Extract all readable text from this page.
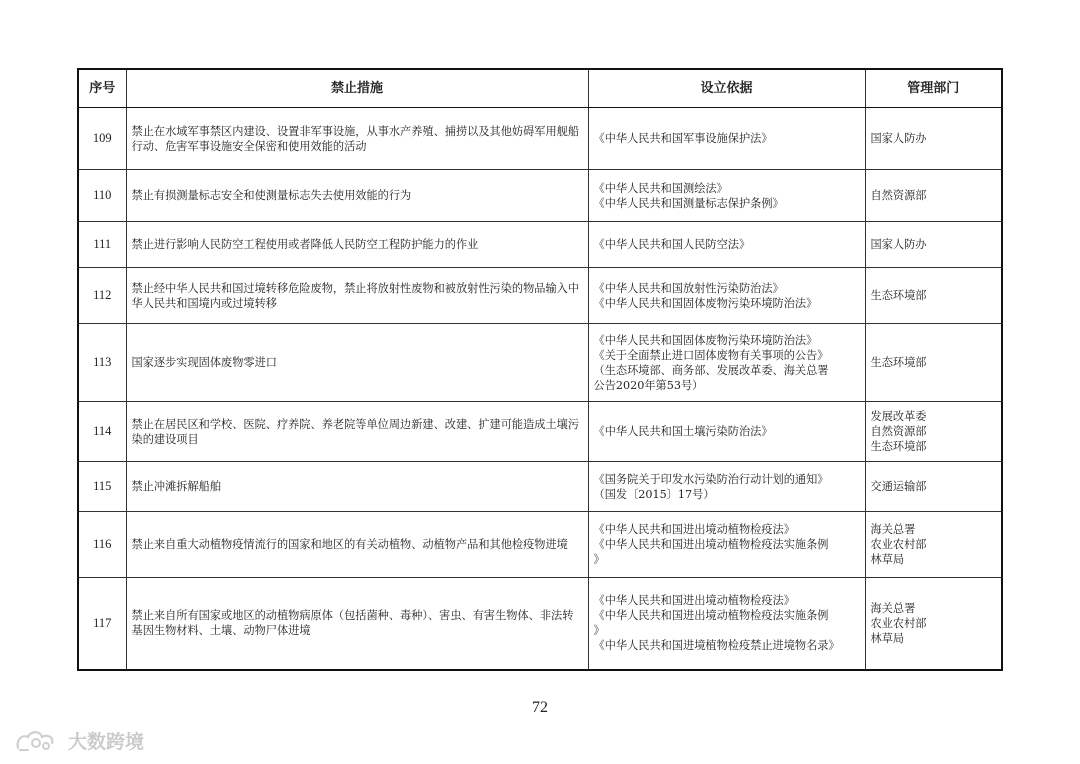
序号	禁止措施	设立依据	管理部门
109	禁止在水域军事禁区内建设、设置非军事设施，从事水产养殖、捕捞以及其他妨碍军用舰船行动、危害军事设施安全保密和使用效能的活动	《中华人民共和国军事设施保护法》	国家人防办

110	禁止有损测量标志安全和使测量标志失去使用效能的行为	《中华人民共和国测绘法》
《中华人民共和国测量标志保护条例》	自然资源部

111	禁止进行影响人民防空工程使用或者降低人民防空工程防护能力的作业	《中华人民共和国人民防空法》	国家人防办

112	禁止经中华人民共和国过境转移危险废物，禁止将放射性废物和被放射性污染的物品输入中华人民共和国境内或过境转移	《中华人民共和国放射性污染防治法》
《中华人民共和国固体废物污染环境防治法》	生态环境部

113	国家逐步实现固体废物零进口	《中华人民共和国固体废物污染环境防治法》
《关于全面禁止进口固体废物有关事项的公告》
（生态环境部、商务部、发展改革委、海关总署
公告2020年第53号）	生态环境部

114	禁止在居民区和学校、医院、疗养院、养老院等单位周边新建、改建、扩建可能造成土壤污染的建设项目	《中华人民共和国土壤污染防治法》	发展改革委
自然资源部
生态环境部

115	禁止冲滩拆解船舶	《国务院关于印发水污染防治行动计划的通知》
（国发〔2015〕17号）	交通运输部

116	禁止来自重大动植物疫情流行的国家和地区的有关动植物、动植物产品和其他检疫物进境	《中华人民共和国进出境动植物检疫法》
《中华人民共和国进出境动植物检疫法实施条例
》	海关总署
农业农村部
林草局

117	禁止来自所有国家或地区的动植物病原体（包括菌种、毒种）、害虫、有害生物体、非法转基因生物材料、土壤、动物尸体进境	《中华人民共和国进出境动植物检疫法》
《中华人民共和国进出境动植物检疫法实施条例
》
《中华人民共和国进境植物检疫禁止进境物名录》	海关总署
农业农村部
林草局
72
大数跨境
